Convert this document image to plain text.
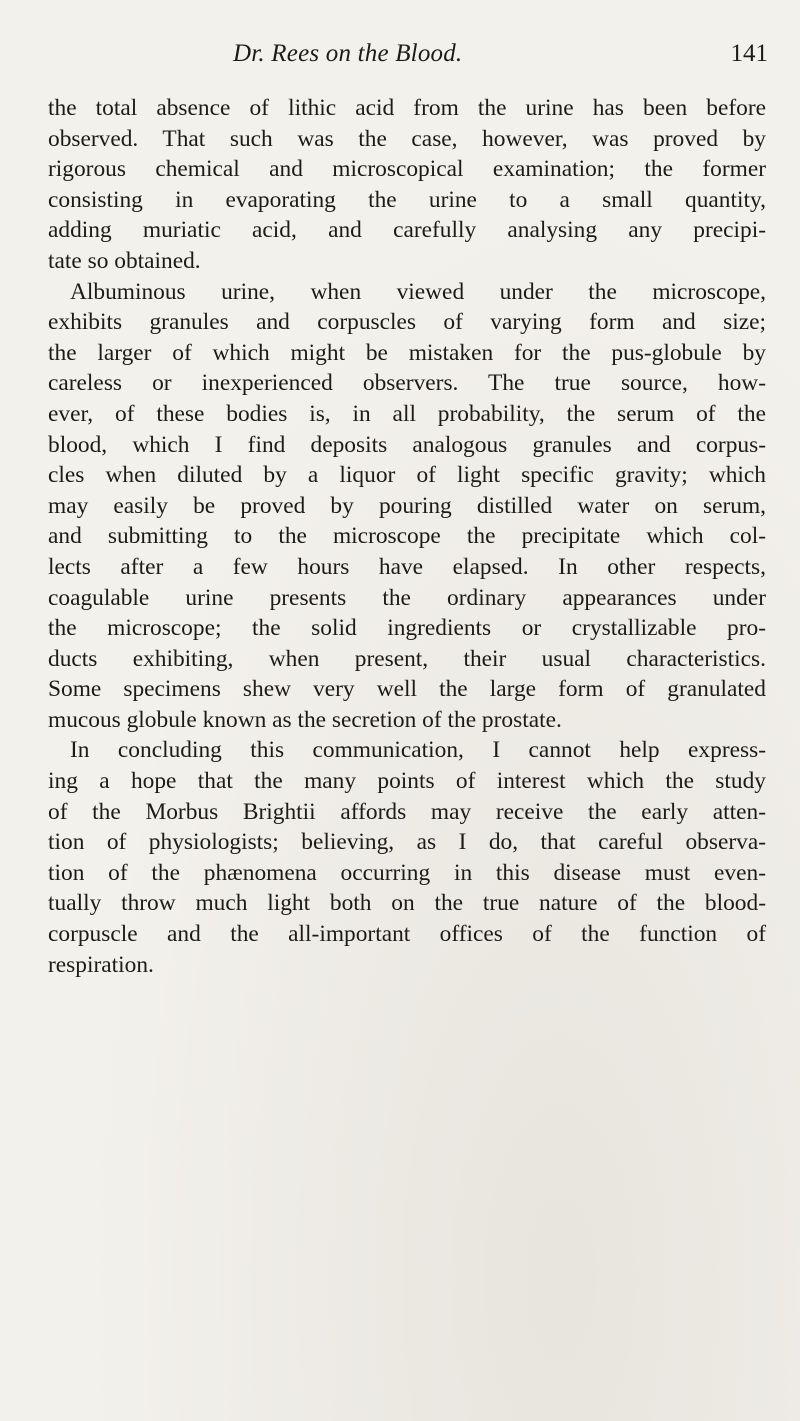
Dr. Rees on the Blood.	141
the total absence of lithic acid from the urine has been before
observed. That such was the case, however, was proved by
rigorous chemical and microscopical examination; the former
consisting in evaporating the urine to a small quantity,
adding muriatic acid, and carefully analysing any precipi-
tate so obtained.
Albuminous urine, when viewed under the microscope,
exhibits granules and corpuscles of varying form and size;
the larger of which might be mistaken for the pus-globule by
careless or inexperienced observers. The true source, how-
ever, of these bodies is, in all probability, the serum of the
blood, which I find deposits analogous granules and corpus-
cles when diluted by a liquor of light specific gravity; which
may easily be proved by pouring distilled water on serum,
and submitting to the microscope the precipitate which col-
lects after a few hours have elapsed. In other respects,
coagulable urine presents the ordinary appearances under
the microscope; the solid ingredients or crystallizable pro-
ducts exhibiting, when present, their usual characteristics.
Some specimens shew very well the large form of granulated
mucous globule known as the secretion of the prostate.
In concluding this communication, I cannot help express-
ing a hope that the many points of interest which the study
of the Morbus Brightii affords may receive the early atten-
tion of physiologists; believing, as I do, that careful observa-
tion of the phænomena occurring in this disease must even-
tually throw much light both on the true nature of the blood-
corpuscle and the all-important offices of the function of
respiration.
